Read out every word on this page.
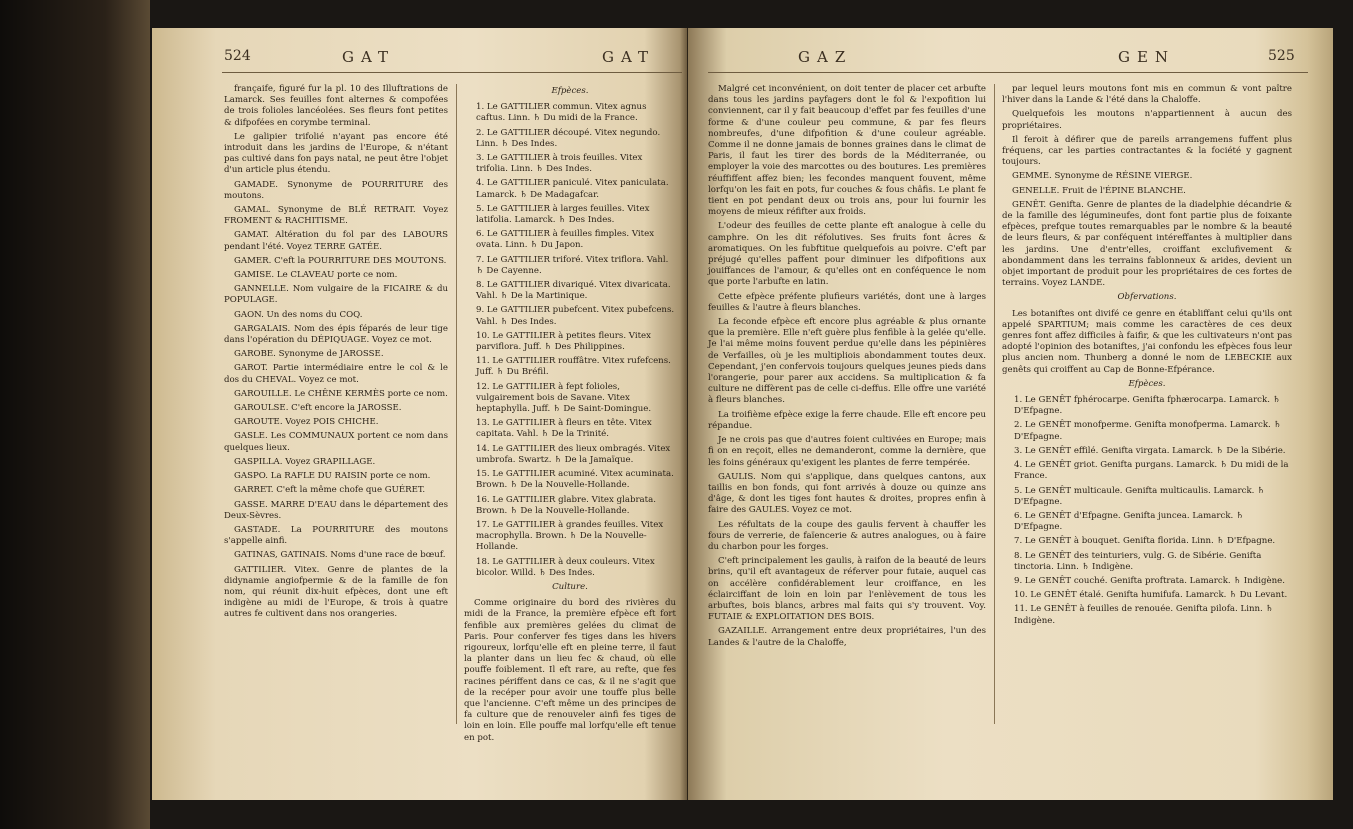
524	GAT	GAT

françaife, figuré fur la pl. 10 des Illuftrations de Lamarck. Ses feuilles font alternes & compofées de trois folioles lancéolées. Ses fleurs font petites & difpofées en corymbe terminal.

Le galipier trifolié n'ayant pas encore été introduit dans les jardins de l'Europe, & n'étant pas cultivé dans fon pays natal, ne peut être l'objet d'un article plus étendu.

GAMADE. Synonyme de POURRITURE des moutons.

GAMAL. Synonyme de BLÉ RETRAIT. Voyez FROMENT & RACHITISME.

GAMAT. Altération du fol par des LABOURS pendant l'été. Voyez TERRE GATÉE.

GAMER. C'eft la POURRITURE DES MOUTONS.

GAMISE. Le CLAVEAU porte ce nom.

GANNELLE. Nom vulgaire de la FICAIRE & du POPULAGE.

GAON. Un des noms du COQ.

GARGALAIS. Nom des épis féparés de leur tige dans l'opération du DÉPIQUAGE. Voyez ce mot.

GAROBE. Synonyme de JAROSSE.

GAROT. Partie intermédiaire entre le col & le dos du CHEVAL. Voyez ce mot.

GAROUILLE. Le CHÊNE KERMÈS porte ce nom.

GAROULSE. C'eft encore la JAROSSE.

GAROUTE. Voyez POIS CHICHE.

GASLE. Les COMMUNAUX portent ce nom dans quelques lieux.

GASPILLA. Voyez GRAPILLAGE.

GASPO. La RAFLE DU RAISIN porte ce nom.

GARRET. C'eft la même chofe que GUÉRET.

GASSE. MARRE D'EAU dans le département des Deux-Sèvres.

GASTADE. La POURRITURE des moutons s'appelle ainfi.

GATINAS, GATINAIS. Noms d'une race de bœuf.

GATTILIER. Vitex. Genre de plantes de la didynamie angiofpermie & de la famille de fon nom, qui réunit dix-huit efpèces, dont une eft indigène au midi de l'Europe, & trois à quatre autres fe cultivent dans nos orangeries.

Efpèces.

1. Le GATTILIER commun. Vitex agnus caftus. Linn. ♄ Du midi de la France.

2. Le GATTILIER découpé. Vitex negundo. Linn. ♄ Des Indes.

3. Le GATTILIER à trois feuilles. Vitex trifolia. Linn. ♄ Des Indes.

4. Le GATTILIER paniculé. Vitex paniculata. Lamarck. ♄ De Madagafcar.

5. Le GATTILIER à larges feuilles. Vitex latifolia. Lamarck. ♄ Des Indes.

6. Le GATTILIER à feuilles fimples. Vitex ovata. Linn. ♄ Du Japon.

7. Le GATTILIER triforé. Vitex triflora. Vahl. ♄ De Cayenne.

8. Le GATTILIER divariqué. Vitex divaricata. Vahl. ♄ De la Martinique.

9. Le GATTILIER pubefcent. Vitex pubefcens. Vahl. ♄ Des Indes.

10. Le GATTILIER à petites fleurs. Vitex parviflora. Juff. ♄ Des Philippines.

11. Le GATTILIER rouffâtre. Vitex rufefcens. Juff. ♄ Du Bréfil.

12. Le GATTILIER à fept folioles, vulgairement bois de Savane. Vitex heptaphylla. Juff. ♄ De Saint-Domingue.

13. Le GATTILIER à fleurs en tête. Vitex capitata. Vahl. ♄ De la Trinité.

14. Le GATTILIER des lieux ombragés. Vitex umbrofa. Swartz. ♄ De la Jamaïque.

15. Le GATTILIER acuminé. Vitex acuminata. Brown. ♄ De la Nouvelle-Hollande.

16. Le GATTILIER glabre. Vitex glabrata. Brown. ♄ De la Nouvelle-Hollande.

17. Le GATTILIER à grandes feuilles. Vitex macrophylla. Brown. ♄ De la Nouvelle-Hollande.

18. Le GATTILIER à deux couleurs. Vitex bicolor. Willd. ♄ Des Indes.

Culture.

Comme originaire du bord des rivières du midi de la France, la première efpèce eft fort fenfible aux premières gelées du climat de Paris. Pour conferver fes tiges dans les hivers rigoureux, lorfqu'elle eft en pleine terre, il faut la planter dans un lieu fec & chaud, où elle pouffe foiblement. Il eft rare, au refte, que fes racines périffent dans ce cas, & il ne s'agit que de la recéper pour avoir une touffe plus belle que l'ancienne. C'eft même un des principes de fa culture que de renouveler ainfi fes tiges de loin en loin. Elle pouffe mal lorfqu'elle eft tenue en pot.

GAZ	GEN	525

Malgré cet inconvénient, on doit tenter de placer cet arbufte dans tous les jardins payfagers dont le fol & l'expofition lui conviennent, car il y fait beaucoup d'effet par fes feuilles d'une forme & d'une couleur peu commune, & par fes fleurs nombreufes, d'une difpofition & d'une couleur agréable. Comme il ne donne jamais de bonnes graines dans le climat de Paris, il faut les tirer des bords de la Méditerranée, ou employer la voie des marcottes ou des boutures. Les premières réuffiffent affez bien; les fecondes manquent fouvent, même lorfqu'on les fait en pots, fur couches & fous châfis. Le plant fe tient en pot pendant deux ou trois ans, pour lui fournir les moyens de mieux réfifter aux froids.

L'odeur des feuilles de cette plante eft analogue à celle du camphre. On les dit réfolutives. Ses fruits font âcres & aromatiques. On les fubftitue quelquefois au poivre. C'eft par préjugé qu'elles paffent pour diminuer les difpofitions aux jouiffances de l'amour, & qu'elles ont en conféquence le nom que porte l'arbufte en latin.

Cette efpèce préfente plufieurs variétés, dont une à larges feuilles & l'autre à fleurs blanches.

La feconde efpèce eft encore plus agréable & plus ornante que la première. Elle n'eft guère plus fenfible à la gelée qu'elle. Je l'ai même moins fouvent perdue qu'elle dans les pépinières de Verfailles, où je les multipliois abondamment toutes deux. Cependant, j'en confervois toujours quelques jeunes pieds dans l'orangerie, pour parer aux accidens. Sa multiplication & fa culture ne diffèrent pas de celle ci-deffus. Elle offre une variété à fleurs blanches.

La troifième efpèce exige la ferre chaude. Elle eft encore peu répandue.

Je ne crois pas que d'autres foient cultivées en Europe; mais fi on en reçoit, elles ne demanderont, comme la dernière, que les foins généraux qu'exigent les plantes de ferre tempérée.

GAULIS. Nom qui s'applique, dans quelques cantons, aux taillis en bon fonds, qui font arrivés à douze ou quinze ans d'âge, & dont les tiges font hautes & droites, propres enfin à faire des GAULES. Voyez ce mot.

Les réfultats de la coupe des gaulis fervent à chauffer les fours de verrerie, de faïencerie & autres analogues, ou à faire du charbon pour les forges.

C'eft principalement les gaulis, à raifon de la beauté de leurs brins, qu'il eft avantageux de réferver pour futaie, auquel cas on accélère confidérablement leur croiffance, en les éclairciffant de loin en loin par l'enlèvement de tous les arbuftes, bois blancs, arbres mal faits qui s'y trouvent. Voy. FUTAIE & EXPLOITATION DES BOIS.

GAZAILLE. Arrangement entre deux propriétaires, l'un des Landes & l'autre de la Chaloffe,

par lequel leurs moutons font mis en commun & vont paître l'hiver dans la Lande & l'été dans la Chaloffe.

Quelquefois les moutons n'appartiennent à aucun des propriétaires.

Il feroit à défirer que de pareils arrangemens fuffent plus fréquens, car les parties contractantes & la fociété y gagnent toujours.

GEMME. Synonyme de RÉSINE VIERGE.

GENELLE. Fruit de l'ÉPINE BLANCHE.

GENÊT. Genifta. Genre de plantes de la diadelphie décandrie & de la famille des légumineufes, dont font partie plus de foixante efpèces, prefque toutes remarquables par le nombre & la beauté de leurs fleurs, & par conféquent intéreffantes à multiplier dans les jardins. Une d'entr'elles, croiffant exclufivement & abondamment dans les terrains fablonneux & arides, devient un objet important de produit pour les propriétaires de ces fortes de terrains. Voyez LANDE.

Obfervations.

Les botaniftes ont divifé ce genre en établiffant celui qu'ils ont appelé SPARTIUM; mais comme les caractères de ces deux genres font affez difficiles à faifir, & que les cultivateurs n'ont pas adopté l'opinion des botaniftes, j'ai confondu les efpèces fous leur plus ancien nom. Thunberg a donné le nom de LEBECKIE aux genêts qui croiffent au Cap de Bonne-Efpérance.

Efpèces.

1. Le GENÊT fphérocarpe. Genifta fphærocarpa. Lamarck. ♄ D'Efpagne.

2. Le GENÊT monofperme. Genifta monofperma. Lamarck. ♄ D'Efpagne.

3. Le GENÊT effilé. Genifta virgata. Lamarck. ♄ De la Sibérie.

4. Le GENÊT griot. Genifta purgans. Lamarck. ♄ Du midi de la France.

5. Le GENÊT multicaule. Genifta multicaulis. Lamarck. ♄ D'Efpagne.

6. Le GENÊT d'Efpagne. Genifta juncea. Lamarck. ♄ D'Efpagne.

7. Le GENÊT à bouquet. Genifta florida. Linn. ♄ D'Efpagne.

8. Le GENÊT des teinturiers, vulg. G. de Sibérie. Genifta tinctoria. Linn. ♄ Indigène.

9. Le GENÊT couché. Genifta proftrata. Lamarck. ♄ Indigène.

10. Le GENÊT étalé. Genifta humifufa. Lamarck. ♄ Du Levant.

11. Le GENÊT à feuilles de renouée. Genifta pilofa. Linn. ♄ Indigène.
